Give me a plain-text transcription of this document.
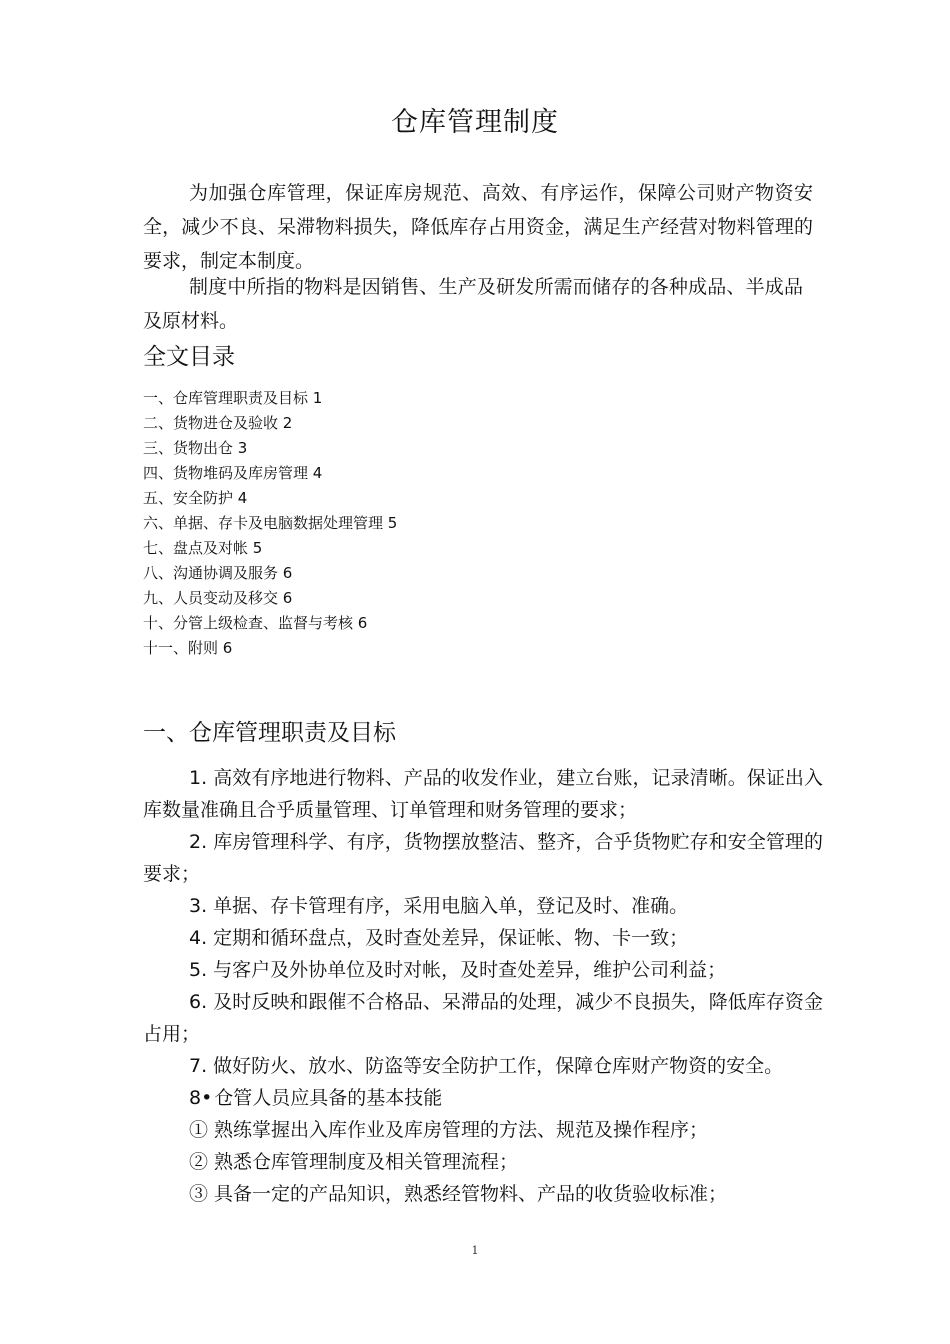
仓库管理制度

为加强仓库管理，保证库房规范、高效、有序运作，保障公司财产物资安全，减少不良、呆滞物料损失，降低库存占用资金，满足生产经营对物料管理的要求，制定本制度。

制度中所指的物料是因销售、生产及研发所需而储存的各种成品、半成品及原材料。

全文目录
一、仓库管理职责及目标 1
二、货物进仓及验收 2
三、货物出仓 3
四、货物堆码及库房管理 4
五、安全防护 4
六、单据、存卡及电脑数据处理管理 5
七、盘点及对帐 5
八、沟通协调及服务 6
九、人员变动及移交 6
十、分管上级检查、监督与考核 6
十一、附则 6
一、仓库管理职责及目标

1. 高效有序地进行物料、产品的收发作业，建立台账，记录清晰。保证出入库数量准确且合乎质量管理、订单管理和财务管理的要求；

2. 库房管理科学、有序，货物摆放整洁、整齐，合乎货物贮存和安全管理的要求；

3. 单据、存卡管理有序，采用电脑入单，登记及时、准确。

4. 定期和循环盘点，及时查处差异，保证帐、物、卡一致；

5. 与客户及外协单位及时对帐，及时查处差异，维护公司利益；

6. 及时反映和跟催不合格品、呆滞品的处理，减少不良损失，降低库存资金占用；

7. 做好防火、放水、防盗等安全防护工作，保障仓库财产物资的安全。

8• 仓管人员应具备的基本技能

① 熟练掌握出入库作业及库房管理的方法、规范及操作程序；

② 熟悉仓库管理制度及相关管理流程；

③ 具备一定的产品知识，熟悉经管物料、产品的收货验收标准；

1
